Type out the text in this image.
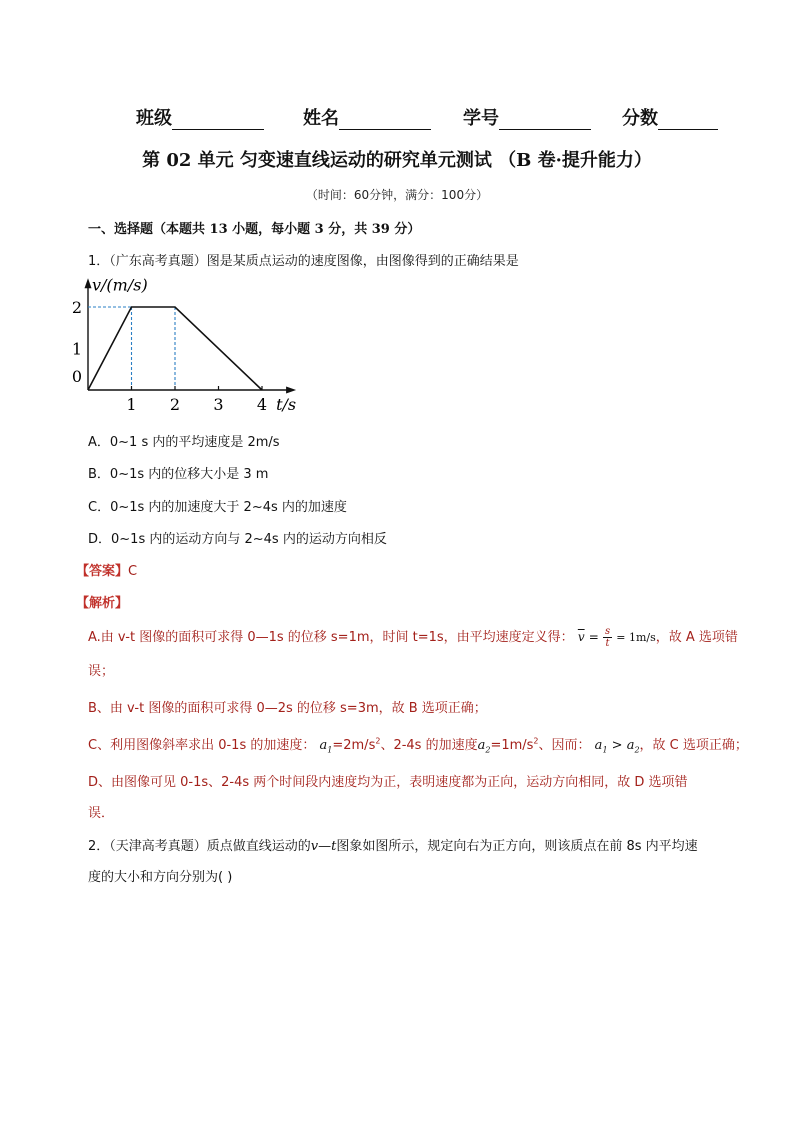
班级	姓名	学号	分数
第 02 单元 匀变速直线运动的研究单元测试 （B 卷·提升能力）
（时间：60分钟，满分：100分）
一、选择题（本题共 13 小题，每小题 3 分，共 39 分）
1．（广东高考真题）图是某质点运动的速度图像，由图像得到的正确结果是
1 2 3 4
0
1
2
v/(m/s)
t/s
A．0~1 s 内的平均速度是 2m/s
B．0~1s 内的位移大小是 3 m
C．0~1s 内的加速度大于 2~4s 内的加速度
D．0~1s 内的运动方向与 2~4s 内的运动方向相反
【答案】C
【解析】
A.由 v-t 图像的面积可求得 0—1s 的位移 s=1m，时间 t=1s，由平均速度定义得： $\overline{v} = \frac{s}{t} = 1m/s$，故 A 选项错
误；
B、由 v-t 图像的面积可求得 0—2s 的位移 s=3m，故 B 选项正确；
C、利用图像斜率求出 0-1s 的加速度： $a_1=2m/s^2$、2-4s 的加速度$a_2=1m/s^2$、因而： $a_1 > a_2$，故 C 选项正确；
D、由图像可见 0-1s、2-4s 两个时间段内速度均为正，表明速度都为正向，运动方向相同，故 D 选项错
误．
2．（天津高考真题）质点做直线运动的v—t图象如图所示，规定向右为正方向，则该质点在前 8s 内平均速
度的大小和方向分别为( )
